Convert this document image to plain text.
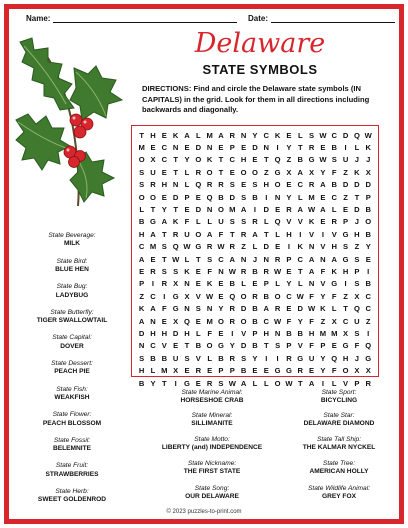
Name:	Date:
Delaware
STATE SYMBOLS
DIRECTIONS: Find and circle the Delaware state symbols (IN CAPITALS) in the grid. Look for them in all directions including backwards and diagonally.
T H E K A L M A R N Y C K E L S W C D Q W
M E C N E D N E P E D N I	Y T R E B I	L K
O X C T Y O K T C H E T Q Z B G W S U J J
S U E T L R O T E O O Z G X A X Y F Z K X
S R H N L Q R R S E S H O E C R A B D D D
O O E D P E Q B D S B I N Y L M E C Z T P
L T Y T E D N O M A I D E R A W A L E D B
B G A K F L L U S S R L Q V V K E R P J O
H A T R U O A F T R A T L H I	V	I	V G H B
C M S Q W G R W R Z L D E	I K N V H S Z Y
A E T W L T S C A N J N R P C A N A G S E
E R S S K E F N W R B R W E T A F K H P	I
P	I R X N E K E B L E P L Y L N V G I	S B
Z C I G X V W E Q O R B O C W F Y F Z X C
K A F G N S N Y R D B A R E D W K L T Q C
A N E X Q E M O R O B C W F Y F Z X C U Z
D H H D H L F E	I	V P H N B B H M M X S	I
N C V E T B O G Y D B T S P V F P E G F Q
S B B U S V L B R S Y	I	I R G U Y Q H J G
H L M X E R E P P B E E G G R E Y F O X X
B Y T	I G E R S W A L L O W T A I	L V P R
State Beverage:
MILK
State Bird:
BLUE HEN
State Bug:
LADYBUG
State Butterfly:
TIGER SWALLOWTAIL
State Capital:
DOVER
State Dessert:
PEACH PIE
State Fish:
WEAKFISH
State Flower:
PEACH BLOSSOM
State Fossil:
BELEMNITE
State Fruit:
STRAWBERRIES
State Herb:
SWEET GOLDENROD
State Marine Animal:
HORSESHOE CRAB
State Mineral:
SILLIMANITE
State Motto:
LIBERTY (and) INDEPENDENCE
State Nickname:
THE FIRST STATE
State Song:
OUR DELAWARE
State Sport:
BICYCLING
State Star:
DELAWARE DIAMOND
State Tall Ship:
THE KALMAR NYCKEL
State Tree:
AMERICAN HOLLY
State Wildlife Animal:
GREY FOX
© 2023 puzzles-to-print.com
